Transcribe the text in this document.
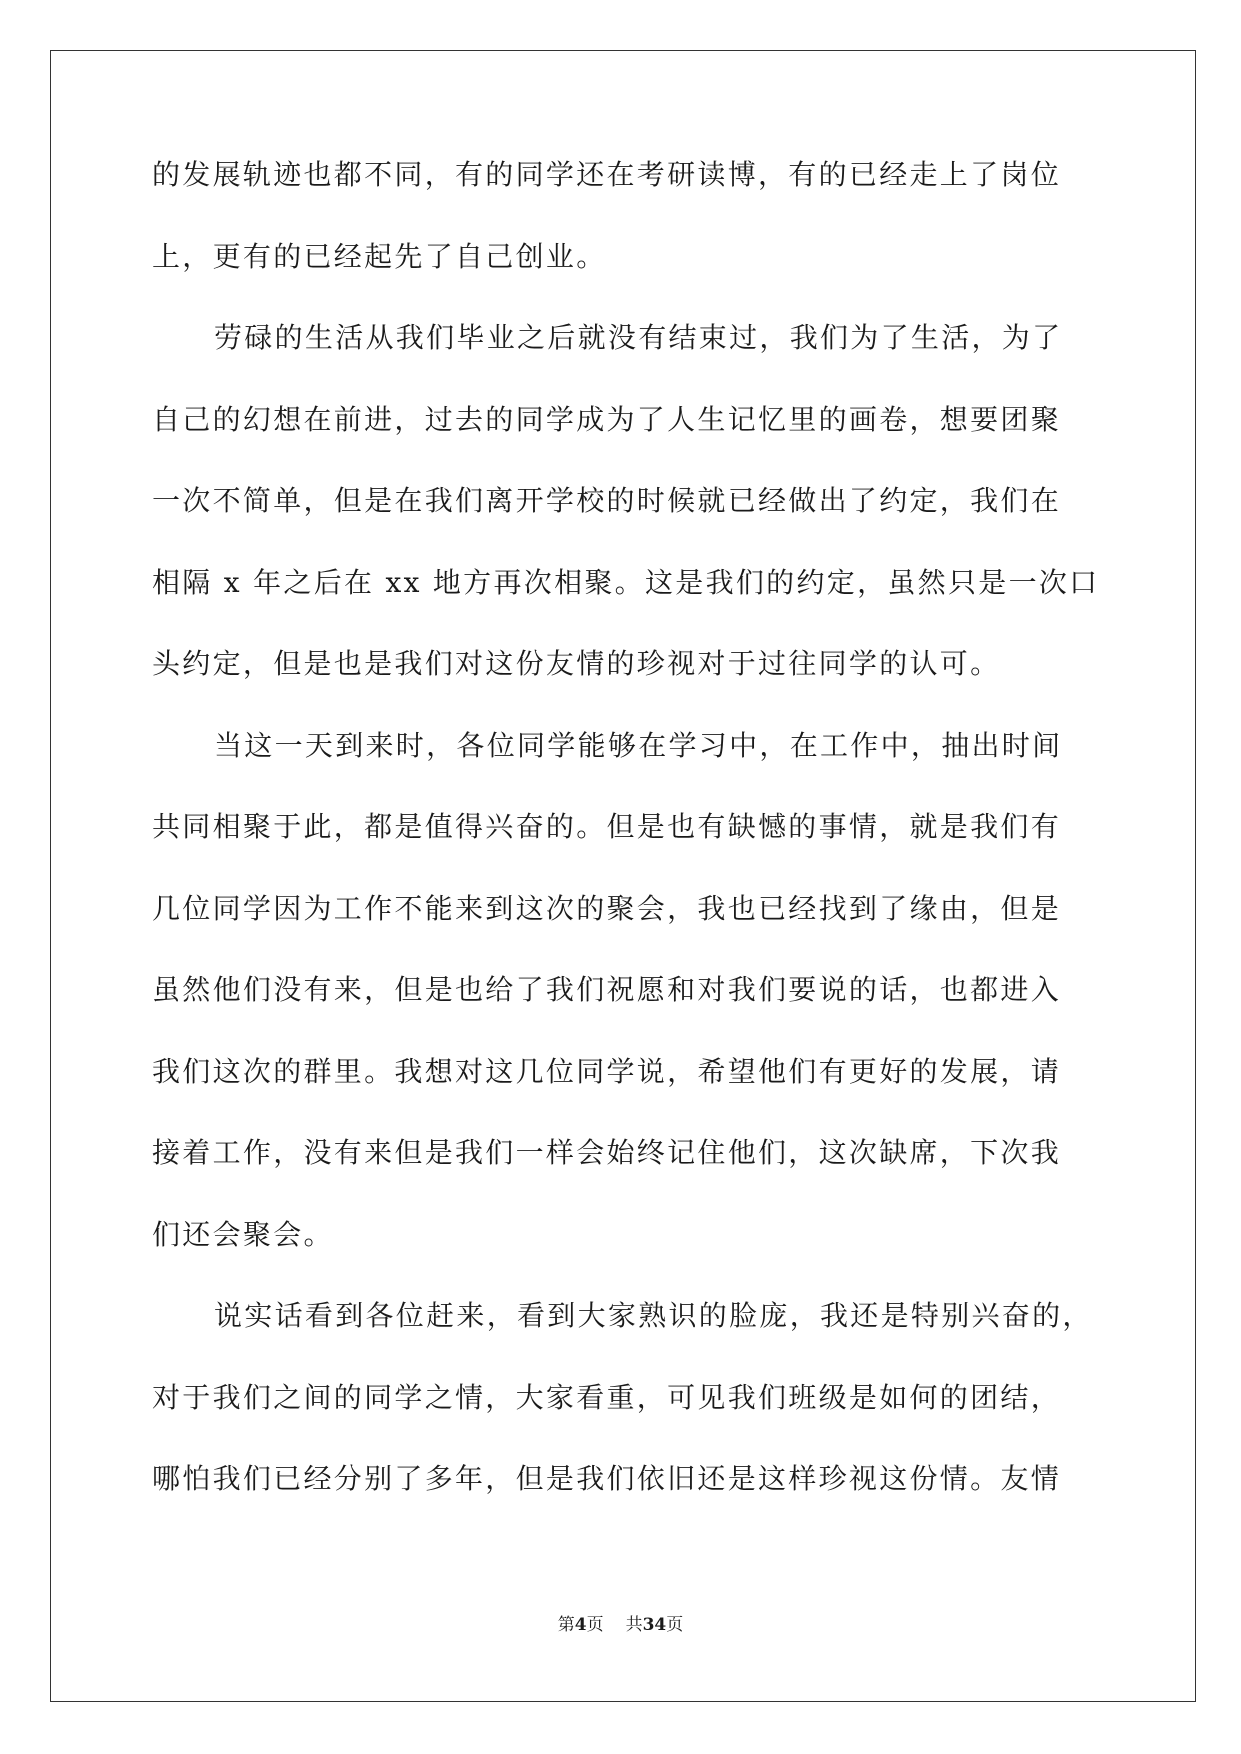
的发展轨迹也都不同，有的同学还在考研读博，有的已经走上了岗位
上，更有的已经起先了自己创业。
劳碌的生活从我们毕业之后就没有结束过，我们为了生活，为了
自己的幻想在前进，过去的同学成为了人生记忆里的画卷，想要团聚
一次不简单，但是在我们离开学校的时候就已经做出了约定，我们在
相隔 x 年之后在 xx 地方再次相聚。这是我们的约定，虽然只是一次口
头约定，但是也是我们对这份友情的珍视对于过往同学的认可。
当这一天到来时，各位同学能够在学习中，在工作中，抽出时间
共同相聚于此，都是值得兴奋的。但是也有缺憾的事情，就是我们有
几位同学因为工作不能来到这次的聚会，我也已经找到了缘由，但是
虽然他们没有来，但是也给了我们祝愿和对我们要说的话，也都进入
我们这次的群里。我想对这几位同学说，希望他们有更好的发展，请
接着工作，没有来但是我们一样会始终记住他们，这次缺席，下次我
们还会聚会。
说实话看到各位赶来，看到大家熟识的脸庞，我还是特别兴奋的，
对于我们之间的同学之情，大家看重，可见我们班级是如何的团结，
哪怕我们已经分别了多年，但是我们依旧还是这样珍视这份情。友情
第4页 共34页
